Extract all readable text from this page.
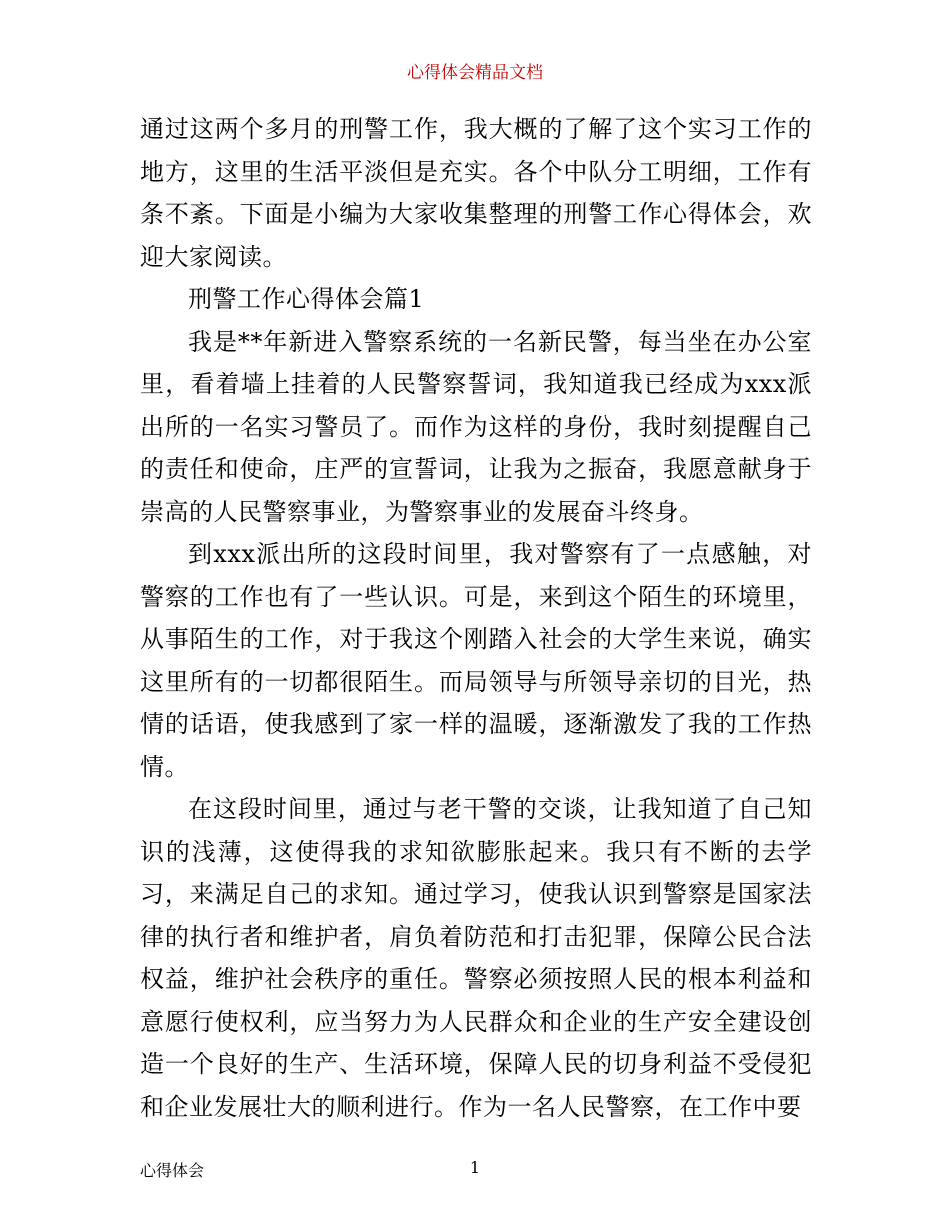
心得体会精品文档

通过这两个多月的刑警工作，我大概的了解了这个实习工作的地方，这里的生活平淡但是充实。各个中队分工明细，工作有条不紊。下面是小编为大家收集整理的刑警工作心得体会，欢迎大家阅读。

刑警工作心得体会篇1

我是**年新进入警察系统的一名新民警，每当坐在办公室里，看着墙上挂着的人民警察誓词，我知道我已经成为xxx派出所的一名实习警员了。而作为这样的身份，我时刻提醒自己的责任和使命，庄严的宣誓词，让我为之振奋，我愿意献身于崇高的人民警察事业，为警察事业的发展奋斗终身。

到xxx派出所的这段时间里，我对警察有了一点感触，对警察的工作也有了一些认识。可是，来到这个陌生的环境里，从事陌生的工作，对于我这个刚踏入社会的大学生来说，确实这里所有的一切都很陌生。而局领导与所领导亲切的目光，热情的话语，使我感到了家一样的温暖，逐渐激发了我的工作热情。

在这段时间里，通过与老干警的交谈，让我知道了自己知识的浅薄，这使得我的求知欲膨胀起来。我只有不断的去学习，来满足自己的求知。通过学习，使我认识到警察是国家法律的执行者和维护者，肩负着防范和打击犯罪，保障公民合法权益，维护社会秩序的重任。警察必须按照人民的根本利益和意愿行使权利，应当努力为人民群众和企业的生产安全建设创造一个良好的生产、生活环境，保障人民的切身利益不受侵犯和企业发展壮大的顺利进行。作为一名人民警察，在工作中要

心得体会	1
